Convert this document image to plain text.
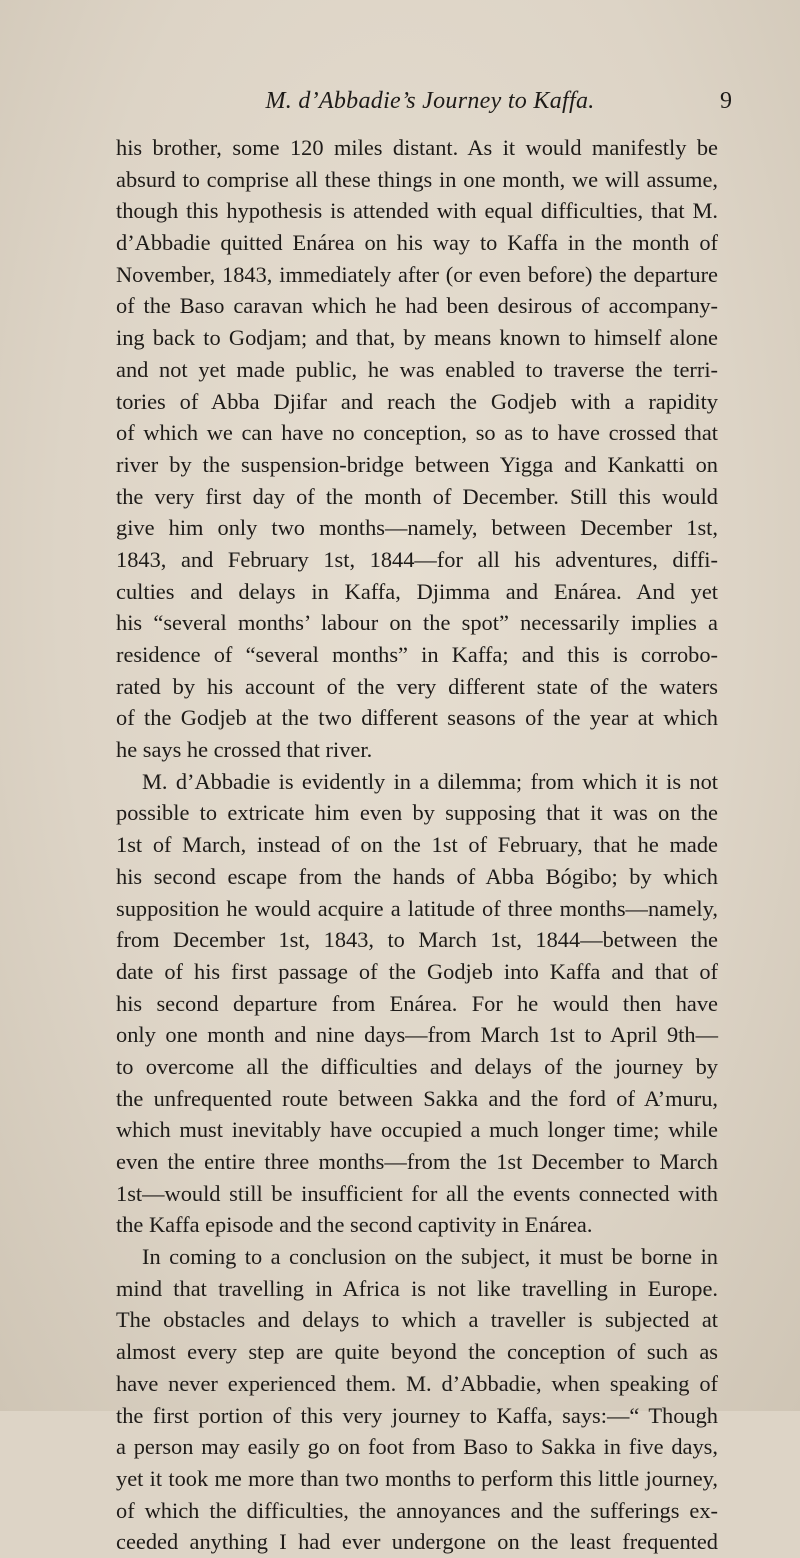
M. d’Abbadie’s Journey to Kaffa.	9
his brother, some 120 miles distant. As it would manifestly be
absurd to comprise all these things in one month, we will assume,
though this hypothesis is attended with equal difficulties, that M.
d’Abbadie quitted Enárea on his way to Kaffa in the month of
November, 1843, immediately after (or even before) the departure
of the Baso caravan which he had been desirous of accompany-
ing back to Godjam; and that, by means known to himself alone
and not yet made public, he was enabled to traverse the terri-
tories of Abba Djifar and reach the Godjeb with a rapidity
of which we can have no conception, so as to have crossed that
river by the suspension-bridge between Yigga and Kankatti on
the very first day of the month of December. Still this would
give him only two months—namely, between December 1st,
1843, and February 1st, 1844—for all his adventures, diffi-
culties and delays in Kaffa, Djimma and Enárea. And yet
his “several months’ labour on the spot” necessarily implies a
residence of “several months” in Kaffa; and this is corrobo-
rated by his account of the very different state of the waters
of the Godjeb at the two different seasons of the year at which
he says he crossed that river.
M. d’Abbadie is evidently in a dilemma; from which it is not
possible to extricate him even by supposing that it was on the
1st of March, instead of on the 1st of February, that he made
his second escape from the hands of Abba Bógibo; by which
supposition he would acquire a latitude of three months—namely,
from December 1st, 1843, to March 1st, 1844—between the
date of his first passage of the Godjeb into Kaffa and that of
his second departure from Enárea. For he would then have
only one month and nine days—from March 1st to April 9th—
to overcome all the difficulties and delays of the journey by
the unfrequented route between Sakka and the ford of A’muru,
which must inevitably have occupied a much longer time; while
even the entire three months—from the 1st December to March
1st—would still be insufficient for all the events connected with
the Kaffa episode and the second captivity in Enárea.
In coming to a conclusion on the subject, it must be borne in
mind that travelling in Africa is not like travelling in Europe.
The obstacles and delays to which a traveller is subjected at
almost every step are quite beyond the conception of such as
have never experienced them. M. d’Abbadie, when speaking of
the first portion of this very journey to Kaffa, says:—“ Though
a person may easily go on foot from Baso to Sakka in five days,
yet it took me more than two months to perform this little journey,
of which the difficulties, the annoyances and the sufferings ex-
ceeded anything I had ever undergone on the least frequented
